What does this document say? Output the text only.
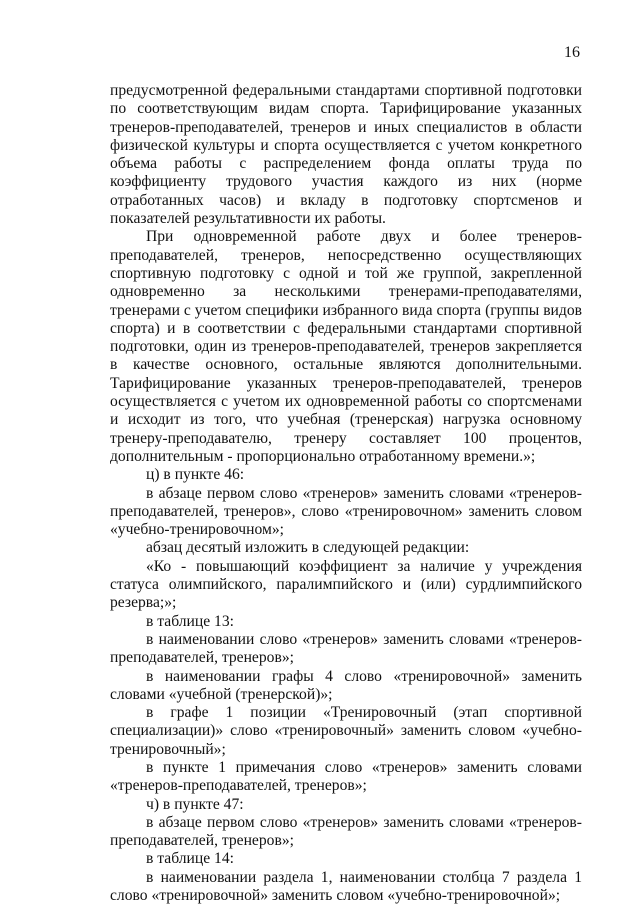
16

предусмотренной федеральными стандартами спортивной подготовки по соответствующим видам спорта. Тарифицирование указанных тренеров-преподавателей, тренеров и иных специалистов в области физической культуры и спорта осуществляется с учетом конкретного объема работы с распределением фонда оплаты труда по коэффициенту трудового участия каждого из них (норме отработанных часов) и вкладу в подготовку спортсменов и показателей результативности их работы.

При одновременной работе двух и более тренеров-преподавателей, тренеров, непосредственно осуществляющих спортивную подготовку с одной и той же группой, закрепленной одновременно за несколькими тренерами-преподавателями, тренерами с учетом специфики избранного вида спорта (группы видов спорта) и в соответствии с федеральными стандартами спортивной подготовки, один из тренеров-преподавателей, тренеров закрепляется в качестве основного, остальные являются дополнительными. Тарифицирование указанных тренеров-преподавателей, тренеров осуществляется с учетом их одновременной работы со спортсменами и исходит из того, что учебная (тренерская) нагрузка основному тренеру-преподавателю, тренеру составляет 100 процентов, дополнительным - пропорционально отработанному времени.»;

ц) в пункте 46:

в абзаце первом слово «тренеров» заменить словами «тренеров-преподавателей, тренеров», слово «тренировочном» заменить словом «учебно-тренировочном»;

абзац десятый изложить в следующей редакции:

«Ко - повышающий коэффициент за наличие у учреждения статуса олимпийского, паралимпийского и (или) сурдлимпийского резерва;»;

в таблице 13:

в наименовании слово «тренеров» заменить словами «тренеров-преподавателей, тренеров»;

в наименовании графы 4 слово «тренировочной» заменить словами «учебной (тренерской)»;

в графе 1 позиции «Тренировочный (этап спортивной специализации)» слово «тренировочный» заменить словом «учебно-тренировочный»;

в пункте 1 примечания слово «тренеров» заменить словами «тренеров-преподавателей, тренеров»;

ч) в пункте 47:

в абзаце первом слово «тренеров» заменить словами «тренеров-преподавателей, тренеров»;

в таблице 14:

в наименовании раздела 1, наименовании столбца 7 раздела 1 слово «тренировочной» заменить словом «учебно-тренировочной»;
